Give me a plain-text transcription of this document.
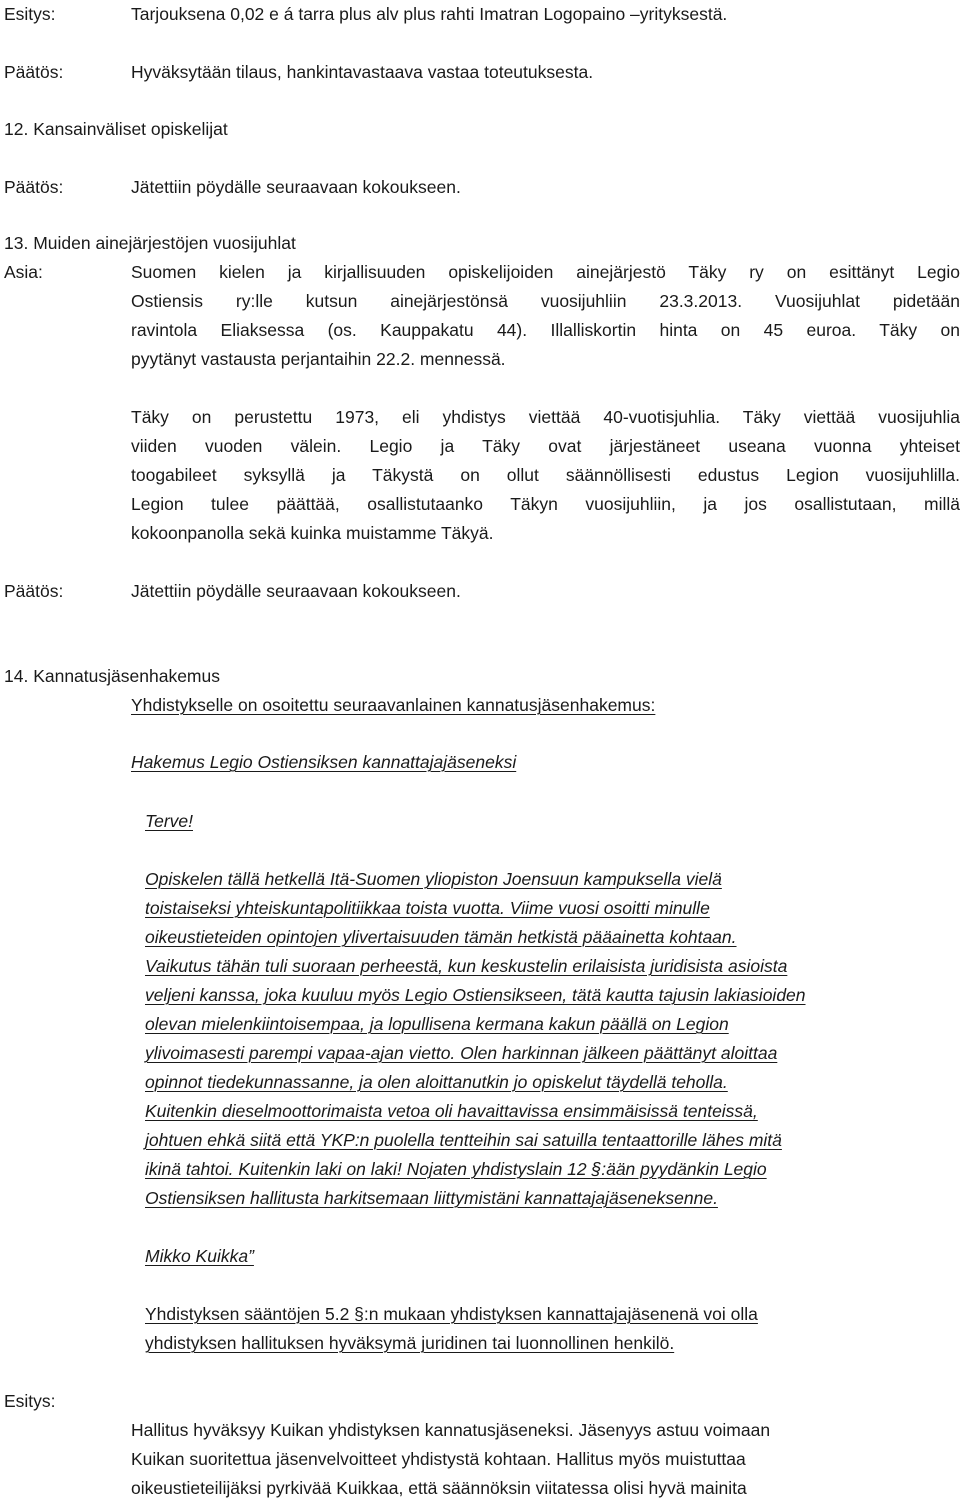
Esitys:	Tarjouksena 0,02 e á tarra plus alv plus rahti Imatran Logopaino –yrityksestä.
Päätös:	Hyväksytään tilaus, hankintavastaava vastaa toteutuksesta.
12. Kansainväliset opiskelijat
Päätös:	Jätettiin pöydälle seuraavaan kokoukseen.
13. Muiden ainejärjestöjen vuosijuhlat
Asia:	Suomen kielen ja kirjallisuuden opiskelijoiden ainejärjestö Täky ry on esittänyt Legio
Ostiensis ry:lle kutsun ainejärjestönsä vuosijuhliin 23.3.2013. Vuosijuhlat pidetään
ravintola Eliaksessa (os. Kauppakatu 44). Illalliskortin hinta on 45 euroa. Täky on
pyytänyt vastausta perjantaihin 22.2. mennessä.
Täky on perustettu 1973, eli yhdistys viettää 40-vuotisjuhlia. Täky viettää vuosijuhlia
viiden vuoden välein. Legio ja Täky ovat järjestäneet useana vuonna yhteiset
toogabileet syksyllä ja Täkystä on ollut säännöllisesti edustus Legion vuosijuhlilla.
Legion tulee päättää, osallistutaanko Täkyn vuosijuhliin, ja jos osallistutaan, millä
kokoonpanolla sekä kuinka muistamme Täkyä.
Päätös:	Jätettiin pöydälle seuraavaan kokoukseen.
14. Kannatusjäsenhakemus
Yhdistykselle on osoitettu seuraavanlainen kannatusjäsenhakemus:
Hakemus Legio Ostiensiksen kannattajajäseneksi
Terve!
Opiskelen tällä hetkellä Itä-Suomen yliopiston Joensuun kampuksella vielä
toistaiseksi yhteiskuntapolitiikkaa toista vuotta. Viime vuosi osoitti minulle
oikeustieteiden opintojen ylivertaisuuden tämän hetkistä pääainetta kohtaan.
Vaikutus tähän tuli suoraan perheestä, kun keskustelin erilaisista juridisista asioista
veljeni kanssa, joka kuuluu myös Legio Ostiensikseen, tätä kautta tajusin lakiasioiden
olevan mielenkiintoisempaa, ja lopullisena kermana kakun päällä on Legion
ylivoimasesti parempi vapaa-ajan vietto. Olen harkinnan jälkeen päättänyt aloittaa
opinnot tiedekunnassanne, ja olen aloittanutkin jo opiskelut täydellä teholla.
Kuitenkin dieselmoottorimaista vetoa oli havaittavissa ensimmäisissä tenteissä,
johtuen ehkä siitä että YKP:n puolella tentteihin sai satuilla tentaattorille lähes mitä
ikinä tahtoi. Kuitenkin laki on laki! Nojaten yhdistyslain 12 §:ään pyydänkin Legio
Ostiensiksen hallitusta harkitsemaan liittymistäni kannattajajäseneksenne.
Mikko Kuikka”
Yhdistyksen sääntöjen 5.2 §:n mukaan yhdistyksen kannattajajäsenenä voi olla
yhdistyksen hallituksen hyväksymä juridinen tai luonnollinen henkilö.
Esitys:
Hallitus hyväksyy Kuikan yhdistyksen kannatusjäseneksi. Jäsenyys astuu voimaan
Kuikan suoritettua jäsenvelvoitteet yhdistystä kohtaan. Hallitus myös muistuttaa
oikeustieteilijäksi pyrkivää Kuikkaa, että säännöksin viitatessa olisi hyvä mainita
